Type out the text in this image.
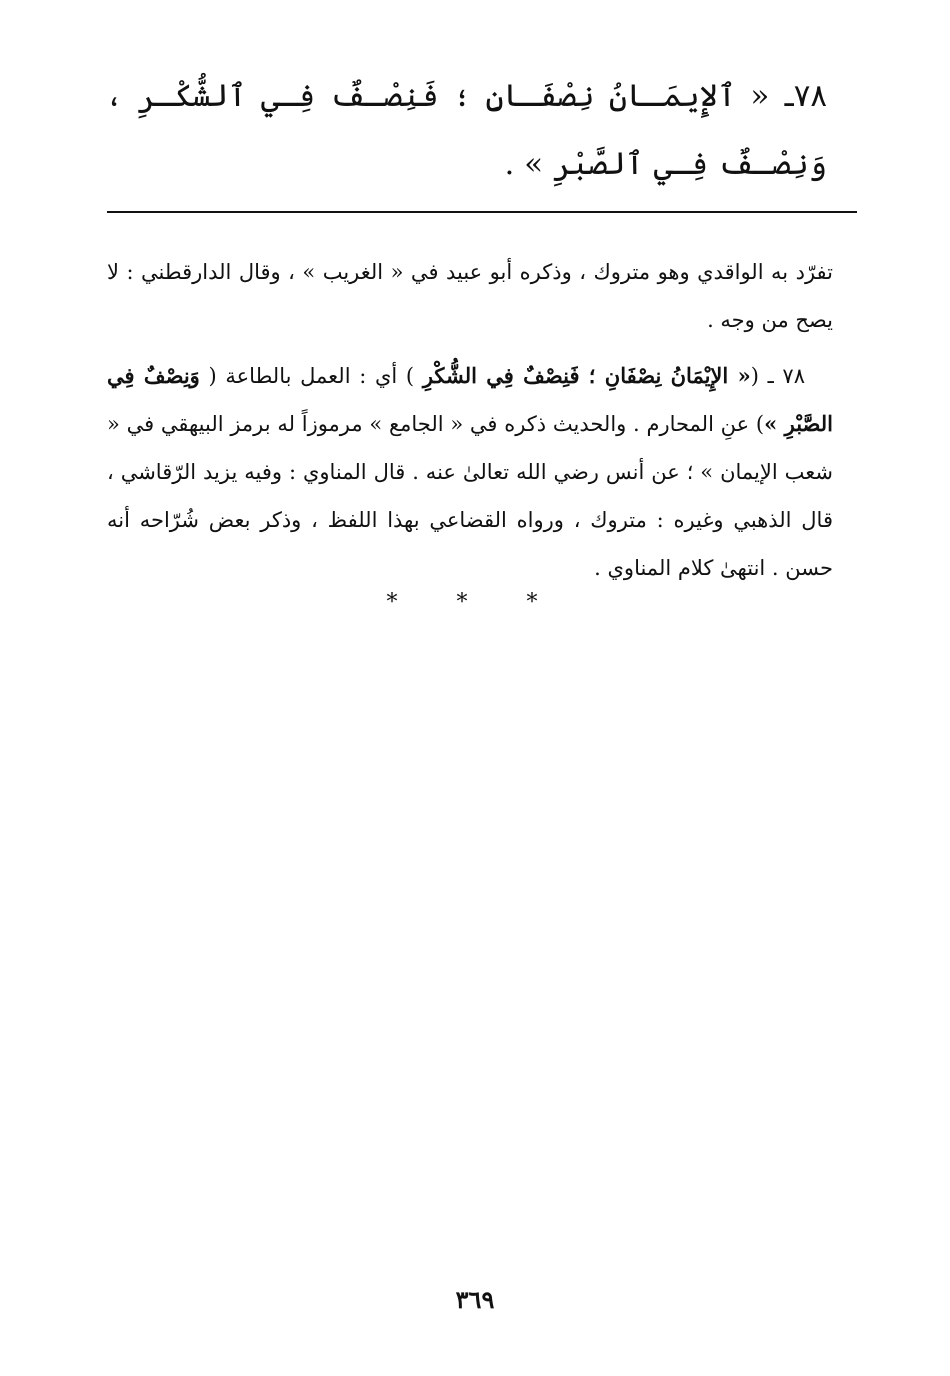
٧٨ـ « ٱلإِيمَـانُ نِصْفَـانِ ؛ فَنِصْـفٌ فِـي ٱلشُّكْـرِ ، وَنِصْـفٌ فِـي ٱلصَّبْرِ » .

تفرّد به الواقدي وهو متروك ، وذكره أبو عبيد في « الغريب » ، وقال الدارقطني : لا يصح من وجه .

٧٨ ـ (« الإِيْمَانُ نِصْفَانِ ؛ فَنِصْفٌ فِي الشُّكْرِ ) أي : العمل بالطاعة ( وَنِصْفٌ فِي الصَّبْرِ ») عنِ المحارم . والحديث ذكره في « الجامع » مرموزاً له برمز البيهقي في « شعب الإيمان » ؛ عن أنس رضي الله تعالىٰ عنه . قال المناوي : وفيه يزيد الرّقاشي ، قال الذهبي وغيره : متروك ، ورواه القضاعي بهذا اللفظ ، وذكر بعض شُرّاحه أنه حسن . انتهىٰ كلام المناوي .

* * *
٣٦٩
